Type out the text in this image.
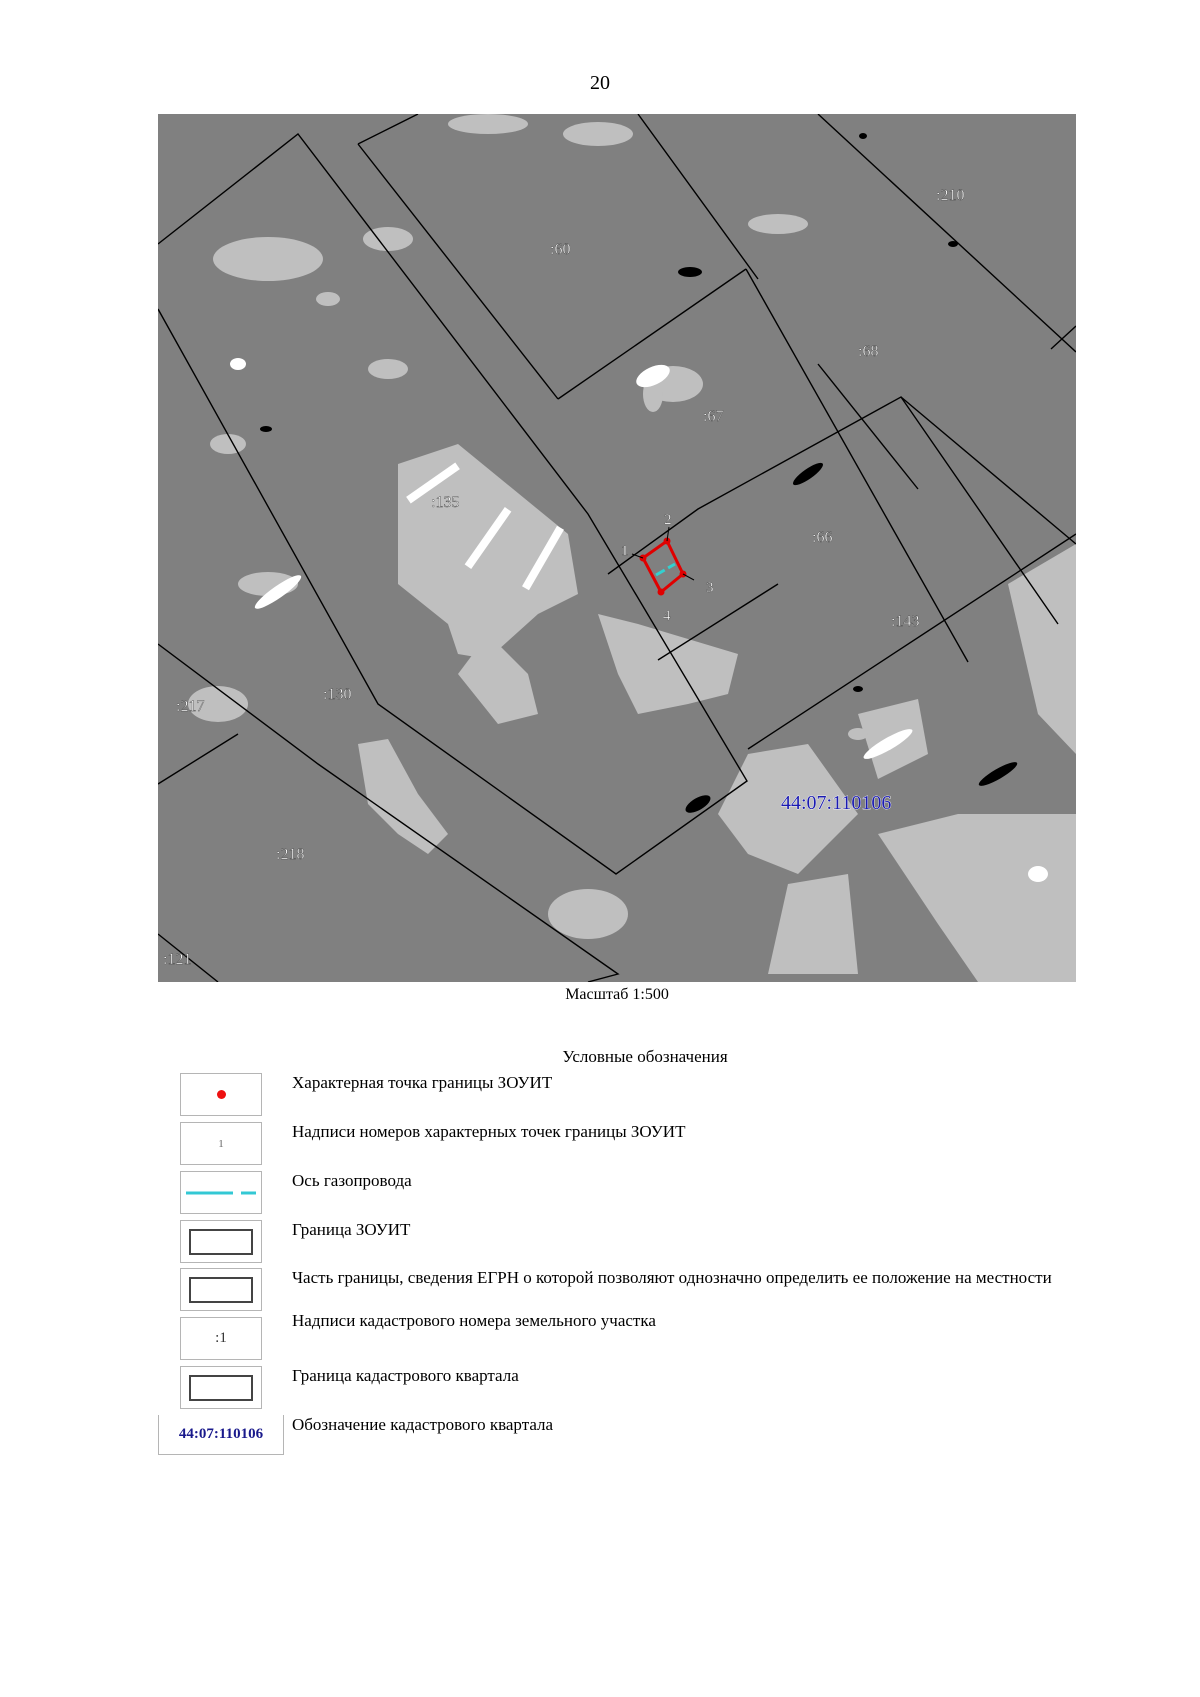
20
:210
:60
:68
:67
:135
:66
:143
:130
:217
:218
:121
44:07:110106
1
2
3
4
Масштаб 1:500
Условные обозначения
Характерная точка границы ЗОУИТ
1
Надписи номеров характерных точек границы ЗОУИТ
Ось газопровода
Граница ЗОУИТ
Часть границы, сведения ЕГРН о которой позволяют однозначно определить ее положение на местности
:1
Надписи кадастрового номера земельного участка
Граница кадастрового квартала
44:07:110106	Обозначение кадастрового квартала
